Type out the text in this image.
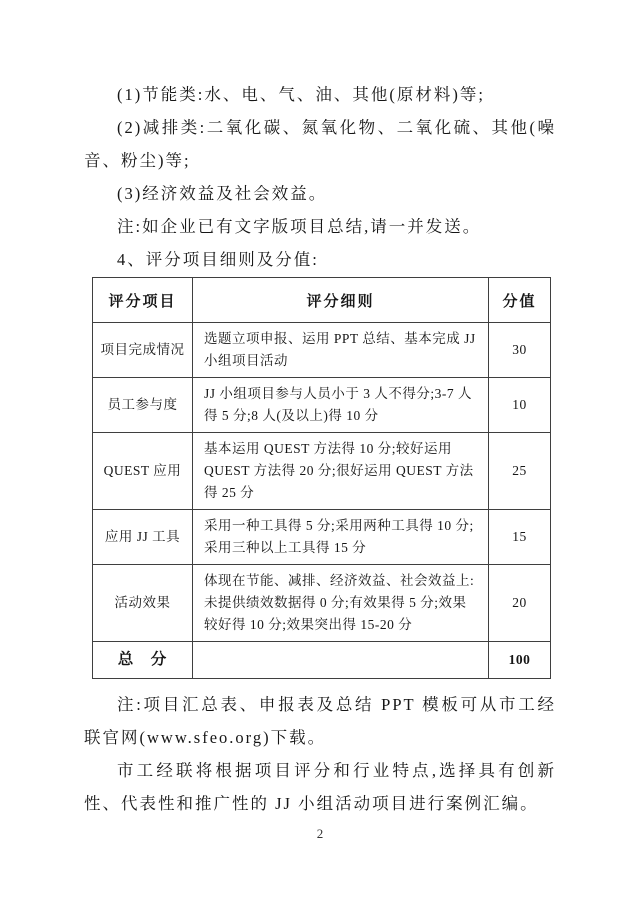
(1)节能类:水、电、气、油、其他(原材料)等;

(2)减排类:二氧化碳、氮氧化物、二氧化硫、其他(噪音、粉尘)等;

(3)经济效益及社会效益。

注:如企业已有文字版项目总结,请一并发送。

4、评分项目细则及分值:

评分项目	评分细则	分值
项目完成情况	选题立项申报、运用 PPT 总结、基本完成 JJ 小组项目活动	30
员工参与度	JJ 小组项目参与人员小于 3 人不得分;3-7 人得 5 分;8 人(及以上)得 10 分	10
QUEST 应用	基本运用 QUEST 方法得 10 分;较好运用 QUEST 方法得 20 分;很好运用 QUEST 方法得 25 分	25
应用 JJ 工具	采用一种工具得 5 分;采用两种工具得 10 分;采用三种以上工具得 15 分	15
活动效果	体现在节能、减排、经济效益、社会效益上:未提供绩效数据得 0 分;有效果得 5 分;效果较好得 10 分;效果突出得 15-20 分	20
总　分		100

注:项目汇总表、申报表及总结 PPT 模板可从市工经联官网(www.sfeo.org)下载。

市工经联将根据项目评分和行业特点,选择具有创新性、代表性和推广性的 JJ 小组活动项目进行案例汇编。

2
